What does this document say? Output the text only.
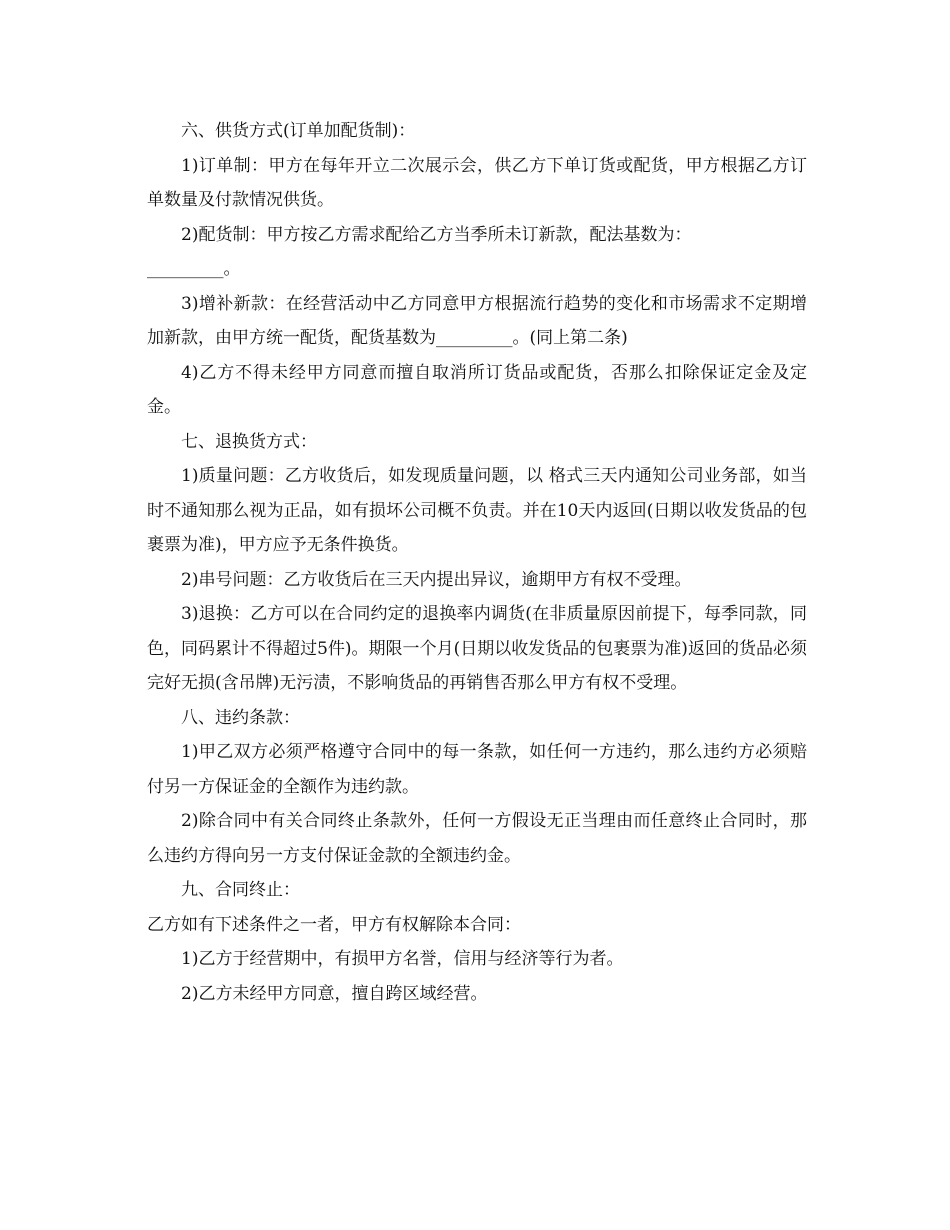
六、供货方式(订单加配货制)：

1)订单制：甲方在每年开立二次展示会，供乙方下单订货或配货，甲方根据乙方订单数量及付款情况供货。

2)配货制：甲方按乙方需求配给乙方当季所未订新款，配法基数为：

_________。

3)增补新款：在经营活动中乙方同意甲方根据流行趋势的变化和市场需求不定期增加新款，由甲方统一配货，配货基数为_________。(同上第二条)

4)乙方不得未经甲方同意而擅自取消所订货品或配货，否那么扣除保证定金及定金。

七、退换货方式：

1)质量问题：乙方收货后，如发现质量问题，以 格式三天内通知公司业务部，如当时不通知那么视为正品，如有损坏公司概不负责。并在10天内返回(日期以收发货品的包裹票为准)，甲方应予无条件换货。

2)串号问题：乙方收货后在三天内提出异议，逾期甲方有权不受理。

3)退换：乙方可以在合同约定的退换率内调货(在非质量原因前提下，每季同款，同色，同码累计不得超过5件)。期限一个月(日期以收发货品的包裹票为准)返回的货品必须完好无损(含吊牌)无污渍，不影响货品的再销售否那么甲方有权不受理。

八、违约条款：

1)甲乙双方必须严格遵守合同中的每一条款，如任何一方违约，那么违约方必须赔付另一方保证金的全额作为违约款。

2)除合同中有关合同终止条款外，任何一方假设无正当理由而任意终止合同时，那么违约方得向另一方支付保证金款的全额违约金。

九、合同终止：

乙方如有下述条件之一者，甲方有权解除本合同：

1)乙方于经营期中，有损甲方名誉，信用与经济等行为者。

2)乙方未经甲方同意，擅自跨区域经营。
